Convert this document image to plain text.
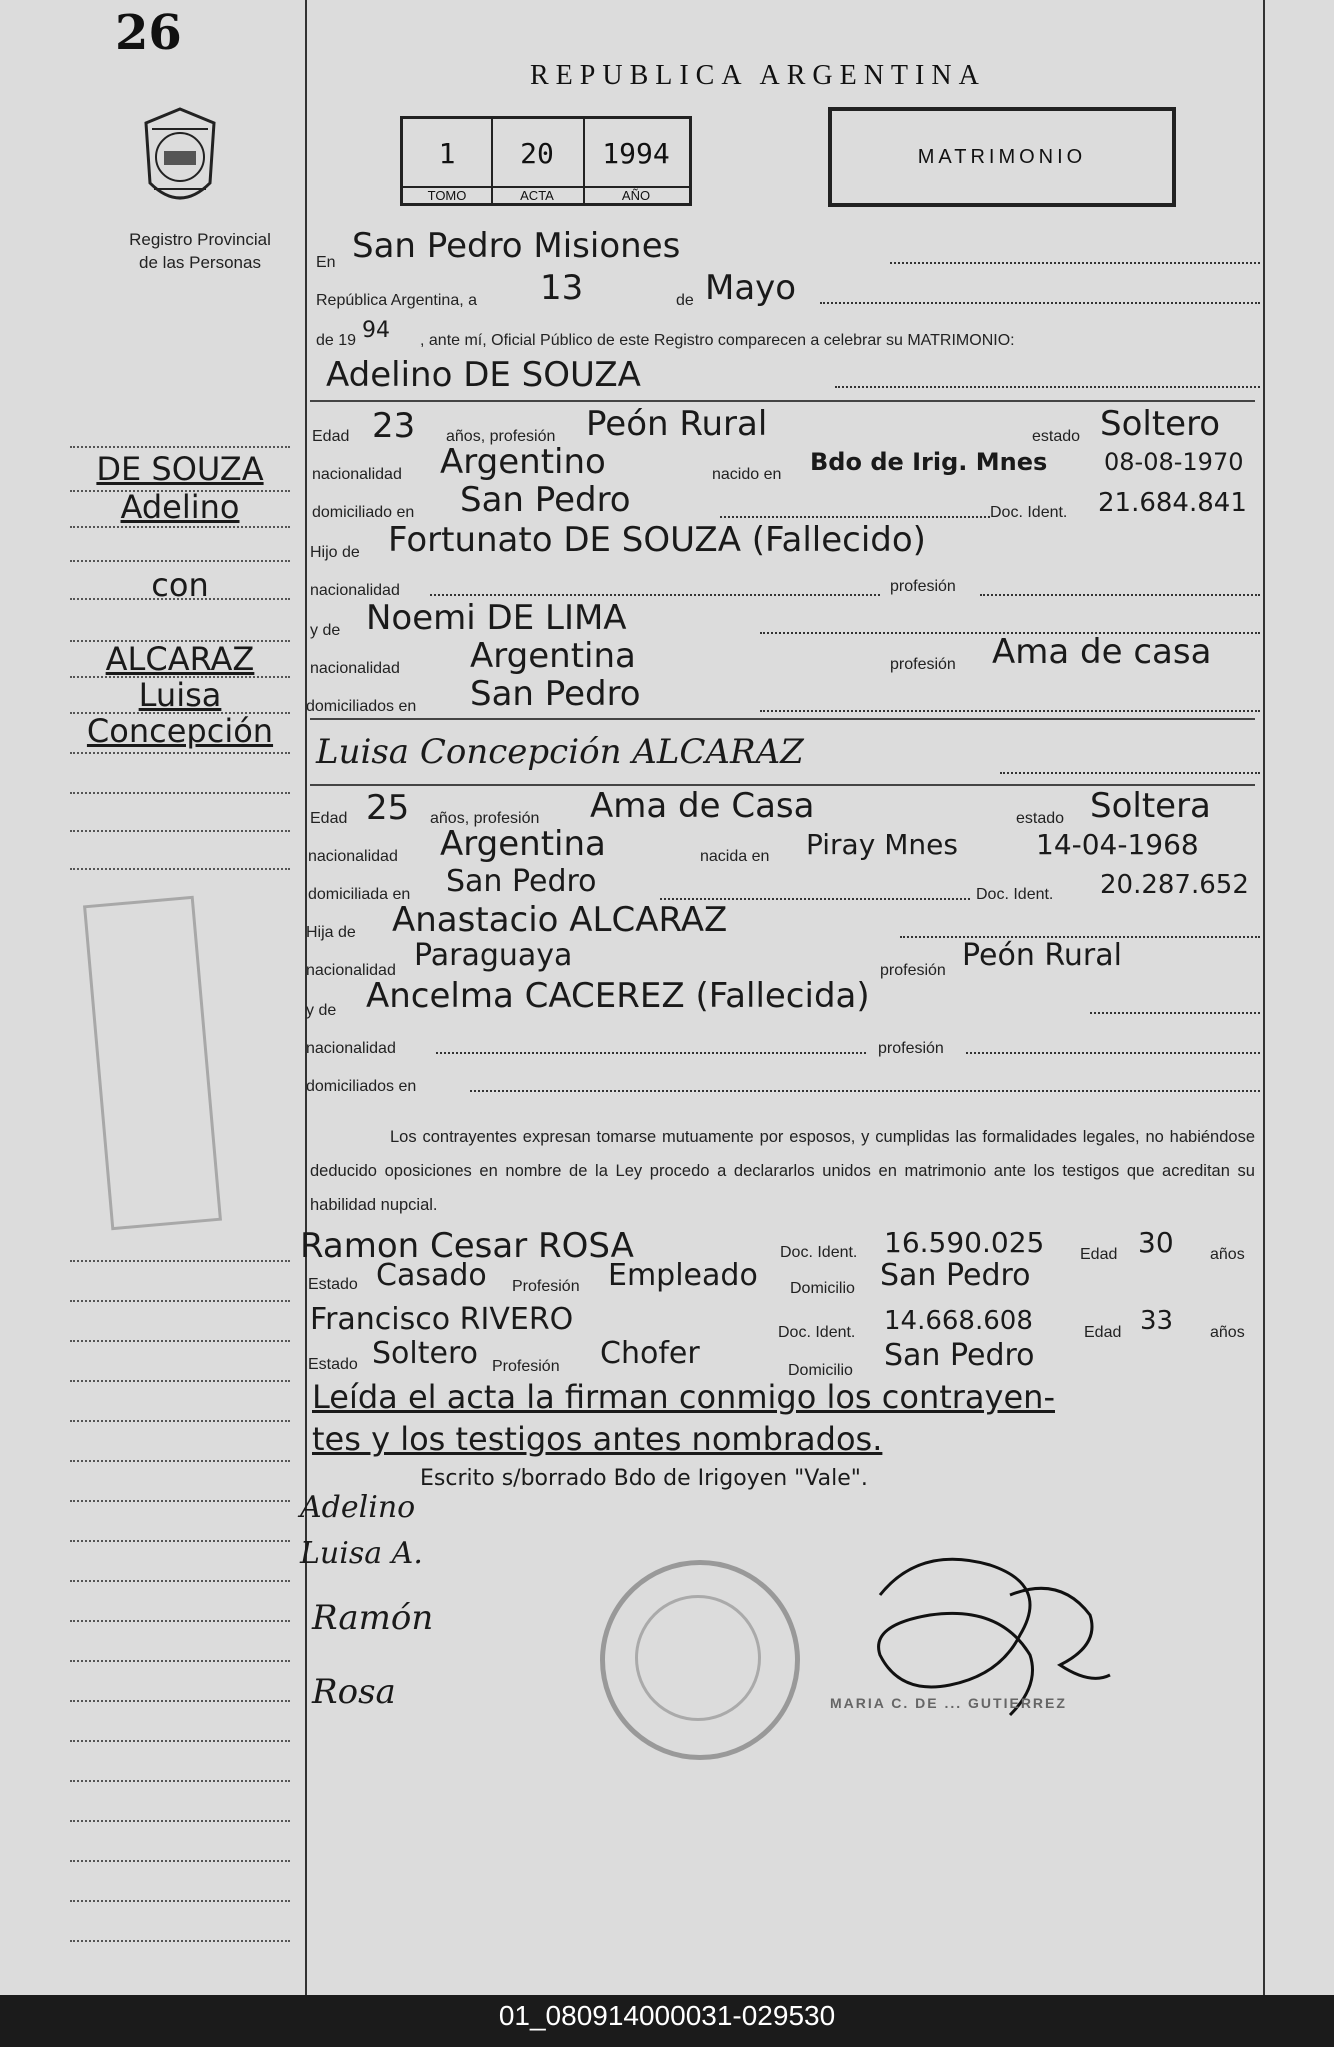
26
Registro Provincial
de las Personas
REPUBLICA ARGENTINA
1
TOMO
20
ACTA
1994
AÑO
MATRIMONIO
DE SOUZA
Adelino
con
ALCARAZ
Luisa
Concepción
En San Pedro Misiones
República Argentina, a 13	de Mayo
de 19 94 , ante mí, Oficial Público de este Registro comparecen a celebrar su MATRIMONIO:
Adelino DE SOUZA
Edad 23 años, profesión Peón Rural	estado Soltero
nacionalidad Argentino	nacido en Bdo de Irig. Mnes 08-08-1970
domiciliado en San Pedro	Doc. Ident. 21.684.841
Hijo de Fortunato DE SOUZA (Fallecido)
nacionalidad	profesión
y de Noemi DE LIMA
nacionalidad Argentina	profesión Ama de casa
domiciliados en San Pedro
Luisa Concepción ALCARAZ
Edad 25 años, profesión Ama de Casa	estado Soltera
nacionalidad Argentina	nacida en Piray Mnes	14-04-1968
domiciliada en San Pedro	Doc. Ident. 20.287.652
Hija de Anastacio ALCARAZ
nacionalidad Paraguaya	profesión Peón Rural
y de Ancelma CACEREZ (Fallecida)
nacionalidad	profesión
domiciliados en
Los contrayentes expresan tomarse mutuamente por esposos, y cumplidas las formalidades legales, no habiéndose deducido oposiciones en nombre de la Ley procedo a declararlos unidos en matrimonio ante los testigos que acreditan su habilidad nupcial.
Ramon Cesar ROSA	Doc. Ident. 16.590.025 Edad 30 años
Estado Casado Profesión Empleado Domicilio San Pedro
Francisco RIVERO	Doc. Ident. 14.668.608	Edad 33 años
Estado Soltero Profesión Chofer	Domicilio San Pedro
Leída el acta la firman conmigo los contrayen-
tes y los testigos antes nombrados.
Escrito s/borrado Bdo de Irigoyen "Vale".
Adelino
Luisa A.
Ramón
Rosa	MARIA C. DE ... GUTIERREZ
01_080914000031-029530
